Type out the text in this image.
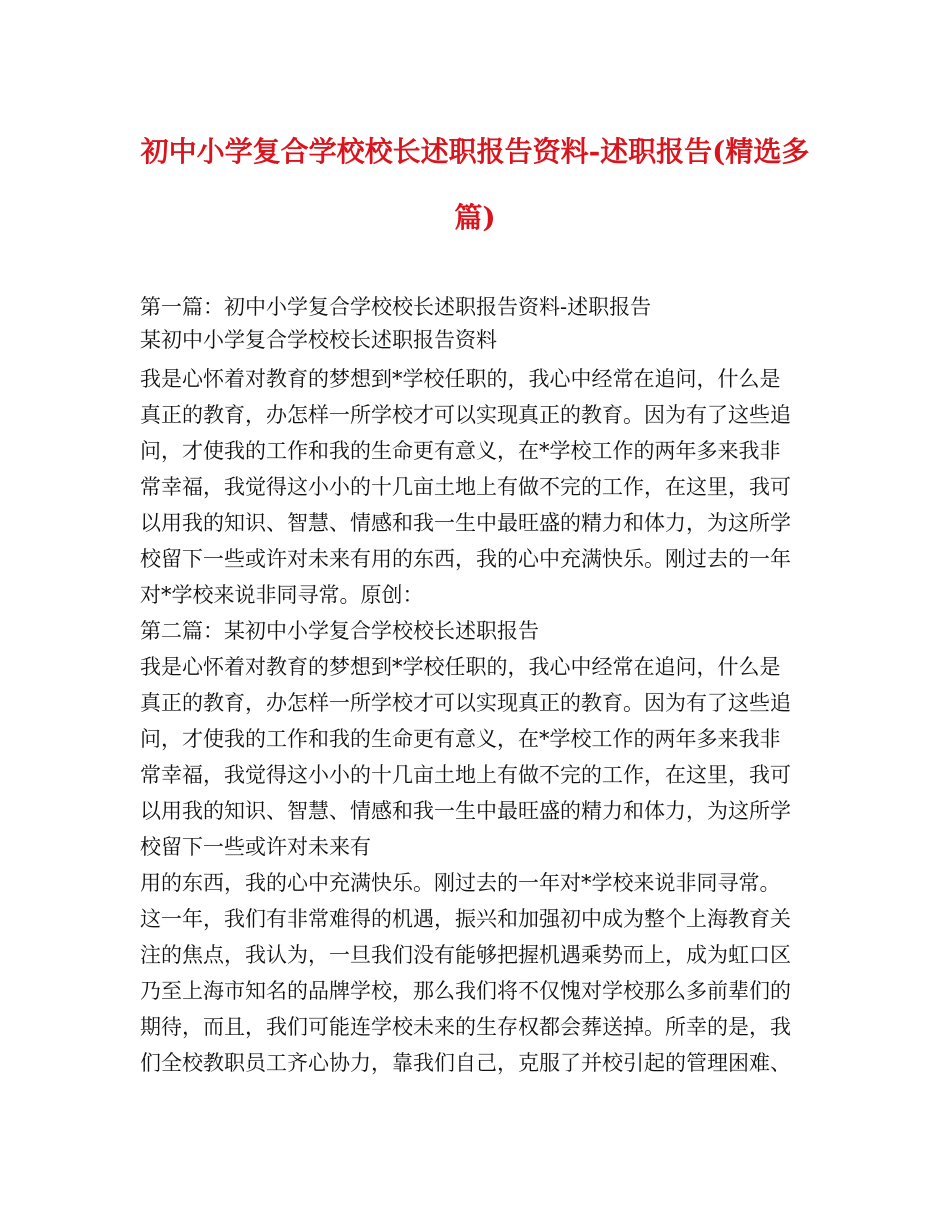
初中小学复合学校校长述职报告资料-述职报告(精选多
篇)
第一篇：初中小学复合学校校长述职报告资料-述职报告
某初中小学复合学校校长述职报告资料
我是心怀着对教育的梦想到*学校任职的，我心中经常在追问，什么是
真正的教育，办怎样一所学校才可以实现真正的教育。因为有了这些追
问，才使我的工作和我的生命更有意义，在*学校工作的两年多来我非
常幸福，我觉得这小小的十几亩土地上有做不完的工作，在这里，我可
以用我的知识、智慧、情感和我一生中最旺盛的精力和体力，为这所学
校留下一些或许对未来有用的东西，我的心中充满快乐。刚过去的一年
对*学校来说非同寻常。原创：
第二篇：某初中小学复合学校校长述职报告
我是心怀着对教育的梦想到*学校任职的，我心中经常在追问，什么是
真正的教育，办怎样一所学校才可以实现真正的教育。因为有了这些追
问，才使我的工作和我的生命更有意义，在*学校工作的两年多来我非
常幸福，我觉得这小小的十几亩土地上有做不完的工作，在这里，我可
以用我的知识、智慧、情感和我一生中最旺盛的精力和体力，为这所学
校留下一些或许对未来有
用的东西，我的心中充满快乐。刚过去的一年对*学校来说非同寻常。
这一年，我们有非常难得的机遇，振兴和加强初中成为整个上海教育关
注的焦点，我认为，一旦我们没有能够把握机遇乘势而上，成为虹口区
乃至上海市知名的品牌学校，那么我们将不仅愧对学校那么多前辈们的
期待，而且，我们可能连学校未来的生存权都会葬送掉。所幸的是，我
们全校教职员工齐心协力，靠我们自己，克服了并校引起的管理困难、
